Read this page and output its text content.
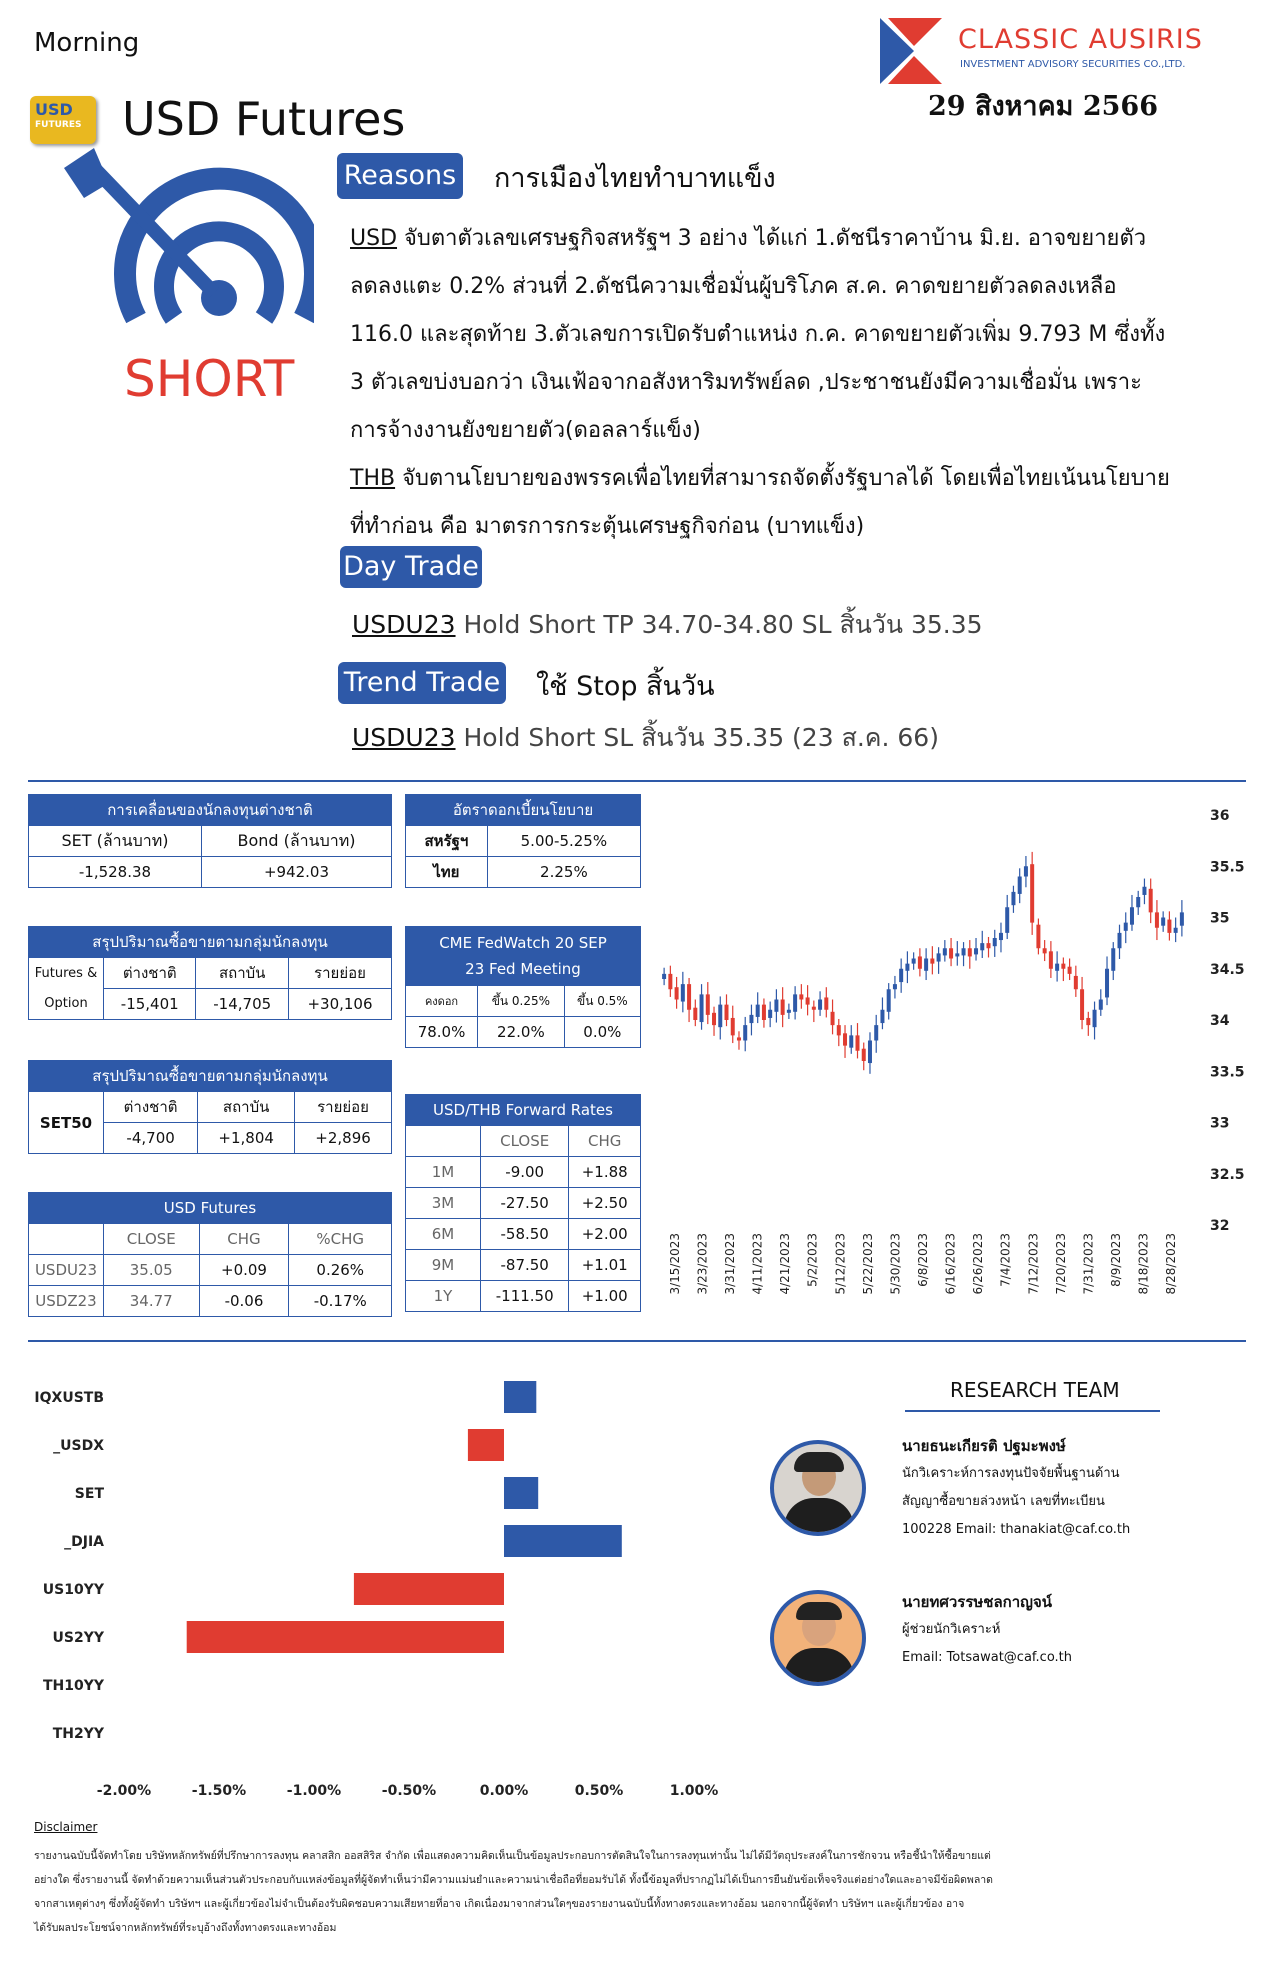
Morning	CLASSIC AUSIRIS
INVESTMENT ADVISORY SECURITIES CO.,LTD.
29 สิงหาคม 2566
USD
FUTURES USD Futures
SHORT
Reasons การเมืองไทยทำบาทแข็ง
USD จับตาตัวเลขเศรษฐกิจสหรัฐฯ 3 อย่าง ได้แก่ 1.ดัชนีราคาบ้าน มิ.ย. อาจขยายตัว
ลดลงแตะ 0.2% ส่วนที่ 2.ดัชนีความเชื่อมั่นผู้บริโภค ส.ค. คาดขยายตัวลดลงเหลือ
116.0 และสุดท้าย 3.ตัวเลขการเปิดรับตำแหน่ง ก.ค. คาดขยายตัวเพิ่ม 9.793 M ซึ่งทั้ง
3 ตัวเลขบ่งบอกว่า เงินเฟ้อจากอสังหาริมทรัพย์ลด ,ประชาชนยังมีความเชื่อมั่น เพราะ
การจ้างงานยังขยายตัว(ดอลลาร์แข็ง)
THB จับตานโยบายของพรรคเพื่อไทยที่สามารถจัดตั้งรัฐบาลได้ โดยเพื่อไทยเน้นนโยบาย
ที่ทำก่อน คือ มาตรการกระตุ้นเศรษฐกิจก่อน (บาทแข็ง)
Day Trade
USDU23 Hold Short TP 34.70-34.80 SL สิ้นวัน 35.35
Trend Trade ใช้ Stop สิ้นวัน
USDU23 Hold Short SL สิ้นวัน 35.35 (23 ส.ค. 66)
การเคลื่อนของนักลงทุนต่างชาติ	
SET (ล้านบาท)	Bond (ล้านบาท)
-1,528.38	+942.03
อัตราดอกเบี้ยนโยบาย	
สหรัฐฯ	5.00-5.25%
ไทย	2.25%
สรุปปริมาณซื้อขายตามกลุ่มนักลงทุน			

Futures &
Option	ต่างชาติ	สถาบัน	รายย่อย
	-15,401	-14,705	+30,106
CME FedWatch 20 SEP
23 Fed Meeting		

คงดอก	ขึ้น 0.25%	ขึ้น 0.5%
78.0%	22.0%	0.0%
สรุปปริมาณซื้อขายตามกลุ่มนักลงทุน			
SET50	ต่างชาติ	สถาบัน	รายย่อย
	-4,700	+1,804	+2,896
USD Futures			
	CLOSE	CHG	%CHG
USDU23	35.05	+0.09	0.26%
USDZ23	34.77	-0.06	-0.17%
USD/THB Forward Rates		
	CLOSE	CHG
1M	-9.00	+1.88
3M	-27.50	+2.50
6M	-58.50	+2.00
9M	-87.50	+1.01
1Y	-111.50	+1.00
36
35.5
35
34.5
34
33.5
33
32.5
32
3/15/2023 3/23/2023 3/31/2023 4/11/2023 4/21/2023 5/2/2023 5/12/2023 5/22/2023 5/30/2023 6/8/2023 6/16/2023 6/26/2023 7/4/2023 7/12/2023 7/20/2023 7/31/2023 8/9/2023 8/18/2023 8/28/2023
IQXUSTB
_USDX
SET
_DJIA
US10YY
US2YY
TH10YY
TH2YY
-2.00%	-1.50%	-1.00%	-0.50%	0.00%	0.50%	1.00%
RESEARCH TEAM
นายธนะเกียรติ ปฐมะพงษ์
นักวิเคราะห์การลงทุนปัจจัยพื้นฐานด้าน
สัญญาซื้อขายล่วงหน้า เลขที่ทะเบียน
100228 Email: thanakiat@caf.co.th
นายทศวรรษชลกาญจน์
ผู้ช่วยนักวิเคราะห์
Email: Totsawat@caf.co.th
Disclaimer
รายงานฉบับนี้จัดทำโดย บริษัทหลักทรัพย์ที่ปรึกษาการลงทุน คลาสสิก ออสสิริส จำกัด เพื่อแสดงความคิดเห็นเป็นข้อมูลประกอบการตัดสินใจในการลงทุนเท่านั้น ไม่ได้มีวัตถุประสงค์ในการชักจวน หรือชี้นำให้ซื้อขายแต่
อย่างใด ซึ่งรายงานนี้ จัดทำด้วยความเห็นส่วนตัวประกอบกับแหล่งข้อมูลที่ผู้จัดทำเห็นว่ามีความแม่นยำและความน่าเชื่อถือที่ยอมรับได้ ทั้งนี้ข้อมูลที่ปรากฏไม่ได้เป็นการยืนยันข้อเท็จจริงแต่อย่างใดและอาจมีข้อผิดพลาด
จากสาเหตุต่างๆ ซึ่งทั้งผู้จัดทำ บริษัทฯ และผู้เกี่ยวข้องไม่จำเป็นต้องรับผิดชอบความเสียหายที่อาจ เกิดเนื่องมาจากส่วนใดๆของรายงานฉบับนี้ทั้งทางตรงและทางอ้อม นอกจากนี้ผู้จัดทำ บริษัทฯ และผู้เกี่ยวข้อง อาจ
ได้รับผลประโยชน์จากหลักทรัพย์ที่ระบุอ้างถึงทั้งทางตรงและทางอ้อม
